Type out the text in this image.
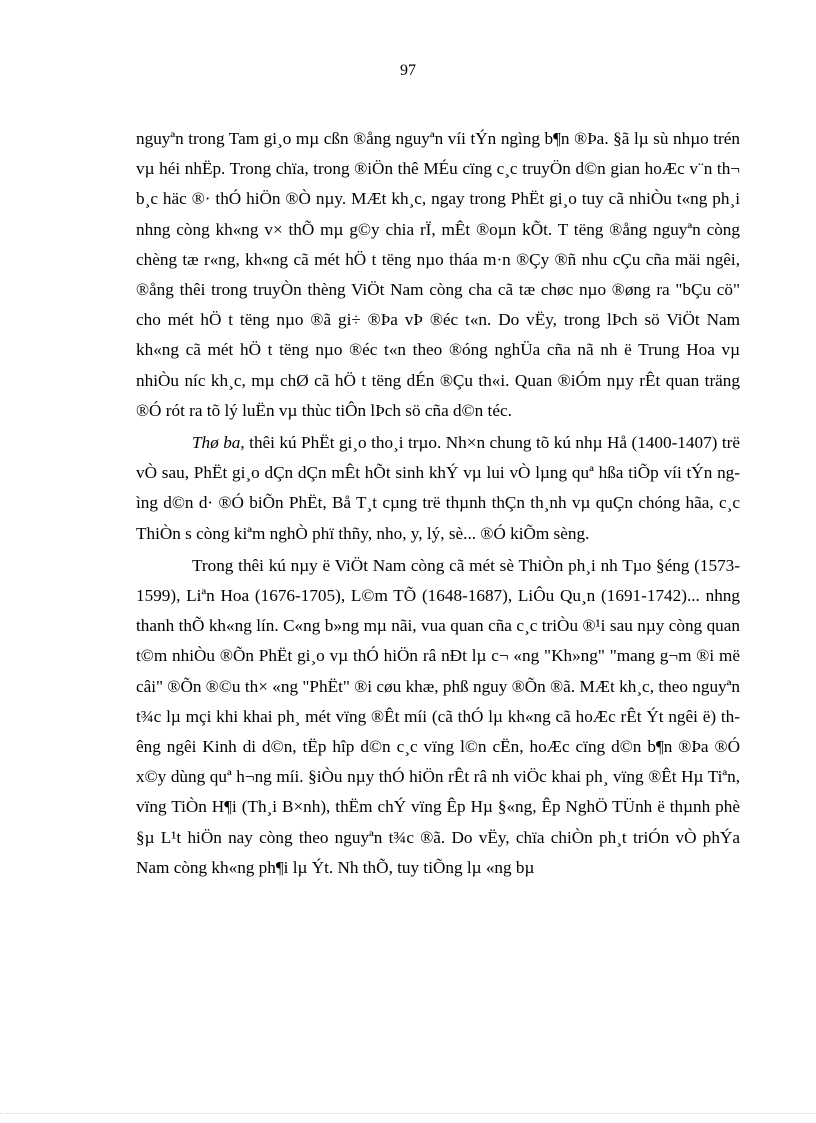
97

nguyªn trong Tam gi¸o mµ cßn ®ång nguyªn víi tÝn ngìng b¶n ®Þa. §ã lµ sù nhµo trén vµ héi nhËp. Trong chïa, trong ®iÖn thê MÉu cïng c¸c truyÖn d©n gian hoÆc v¨n th¬ b¸c häc ®· thÓ hiÖn ®Ò nµy. MÆt kh¸c, ngay trong PhËt gi¸o tuy cã nhiÒu t«ng ph¸i nhng còng kh«ng v× thÕ mµ g©y chia rÏ, mÊt ®oµn kÕt. T tëng ®ång nguyªn còng chèng tæ r«ng, kh«ng cã mét hÖ t tëng nµo tháa m·n ®Çy ®ñ nhu cÇu cña mäi ngêi, ®ång thêi trong truyÒn thèng ViÖt Nam còng cha cã tæ chøc nµo ®øng ra "bÇu cö" cho mét hÖ t tëng nµo ®ã gi÷ ®Þa vÞ ®éc t«n. Do vËy, trong lÞch sö ViÖt Nam kh«ng cã mét hÖ t tëng nµo ®éc t«n theo ®óng nghÜa cña nã nh ë Trung Hoa vµ nhiÒu níc kh¸c, mµ chØ cã hÖ t tëng dÉn ®Çu th«i. Quan ®iÓm nµy rÊt quan träng ®Ó rót ra tõ lý luËn vµ thùc tiÔn lÞch sö cña d©n téc.

Thø ba, thêi kú PhËt gi¸o tho¸i trµo. Nh×n chung tõ kú nhµ Hå (1400-1407) trë vÒ sau, PhËt gi¸o dÇn dÇn mÊt hÕt sinh khÝ vµ lui vÒ lµng quª hßa tiÕp víi tÝn ngìng d©n d· ®Ó biÕn PhËt, Bå T¸t cµng trë thµnh thÇn th¸nh vµ quÇn chóng hãa, c¸c ThiÒn s còng kiªm nghÒ phï thñy, nho, y, lý, sè... ®Ó kiÕm sèng.

Trong thêi kú nµy ë ViÖt Nam còng cã mét sè ThiÒn ph¸i nh Tµo §éng (1573-1599), Liªn Hoa (1676-1705), L©m TÕ (1648-1687), LiÔu Qu¸n (1691-1742)... nhng thanh thÕ kh«ng lín. C«ng b»ng mµ nãi, vua quan cña c¸c triÒu ®¹i sau nµy còng quan t©m nhiÒu ®Õn PhËt gi¸o vµ thÓ hiÖn râ nÐt lµ c¬ «ng "Kh»ng" "mang g¬m ®i më câi" ®Õn ®©u th× «ng "PhËt" ®i cøu khæ, phß nguy ®Õn ®ã. MÆt kh¸c, theo nguyªn t¾c lµ mçi khi khai ph¸ mét vïng ®Êt míi (cã thÓ lµ kh«ng cã hoÆc rÊt Ýt ngêi ë) thêng ngêi Kinh di d©n, tËp hîp d©n c¸c vïng l©n cËn, hoÆc cïng d©n b¶n ®Þa ®Ó x©y dùng quª h¬ng míi. §iÒu nµy thÓ hiÖn rÊt râ nh viÖc khai ph¸ vïng ®Êt Hµ Tiªn, vïng TiÒn H¶i (Th¸i B×nh), thËm chÝ vïng Êp Hµ §«ng, Êp NghÖ TÜnh ë thµnh phè §µ L¹t hiÖn nay còng theo nguyªn t¾c ®ã. Do vËy, chïa chiÒn ph¸t triÓn vÒ phÝa Nam còng kh«ng ph¶i lµ Ýt. Nh thÕ, tuy tiÕng lµ «ng bµ
